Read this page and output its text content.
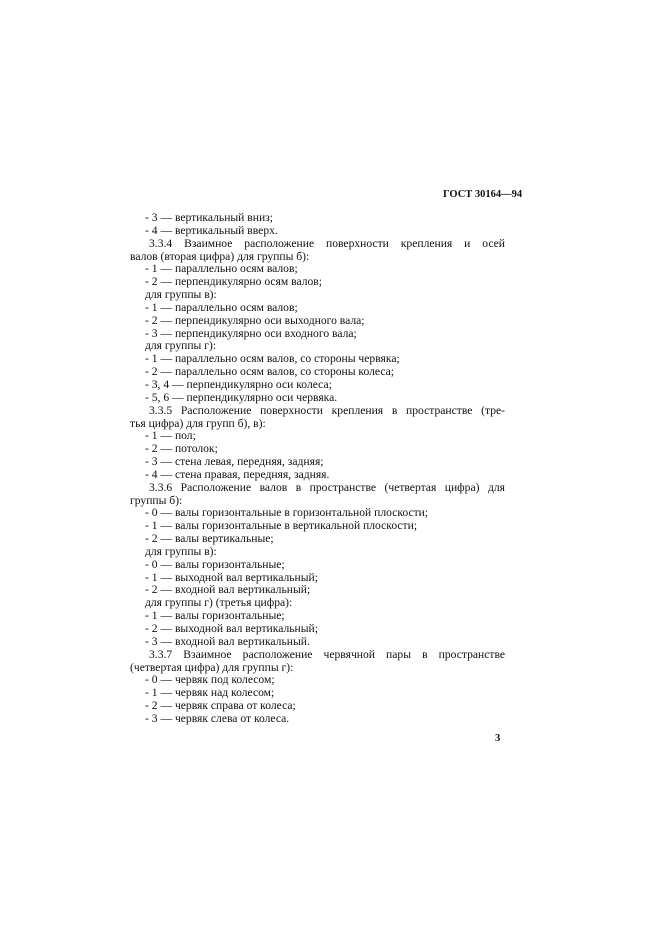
ГОСТ 30164—94
- 3 — вертикальный вниз;
- 4 — вертикальный вверх.
3.3.4 Взаимное расположение поверхности крепления и осей
валов (вторая цифра) для группы б):
- 1 — параллельно осям валов;
- 2 — перпендикулярно осям валов;
для группы в):
- 1 — параллельно осям валов;
- 2 — перпендикулярно оси выходного вала;
- 3 — перпендикулярно оси входного вала;
для группы г):
- 1 — параллельно осям валов, со стороны червяка;
- 2 — параллельно осям валов, со стороны колеса;
- 3, 4 — перпендикулярно оси колеса;
- 5, 6 — перпендикулярно оси червяка.
3.3.5 Расположение поверхности крепления в пространстве (тре-
тья цифра) для групп б), в):
- 1 — пол;
- 2 — потолок;
- 3 — стена левая, передняя, задняя;
- 4 — стена правая, передняя, задняя.
3.3.6 Расположение валов в пространстве (четвертая цифра) для
группы б):
- 0 — валы горизонтальные в горизонтальной плоскости;
- 1 — валы горизонтальные в вертикальной плоскости;
- 2 — валы вертикальные;
для группы в):
- 0 — валы горизонтальные;
- 1 — выходной вал вертикальный;
- 2 — входной вал вертикальный;
для группы г) (третья цифра):
- 1 — валы горизонтальные;
- 2 — выходной вал вертикальный;
- 3 — входной вал вертикальный.
3.3.7 Взаимное расположение червячной пары в пространстве
(четвертая цифра) для группы г):
- 0 — червяк под колесом;
- 1 — червяк над колесом;
- 2 — червяк справа от колеса;
- 3 — червяк слева от колеса.
3
